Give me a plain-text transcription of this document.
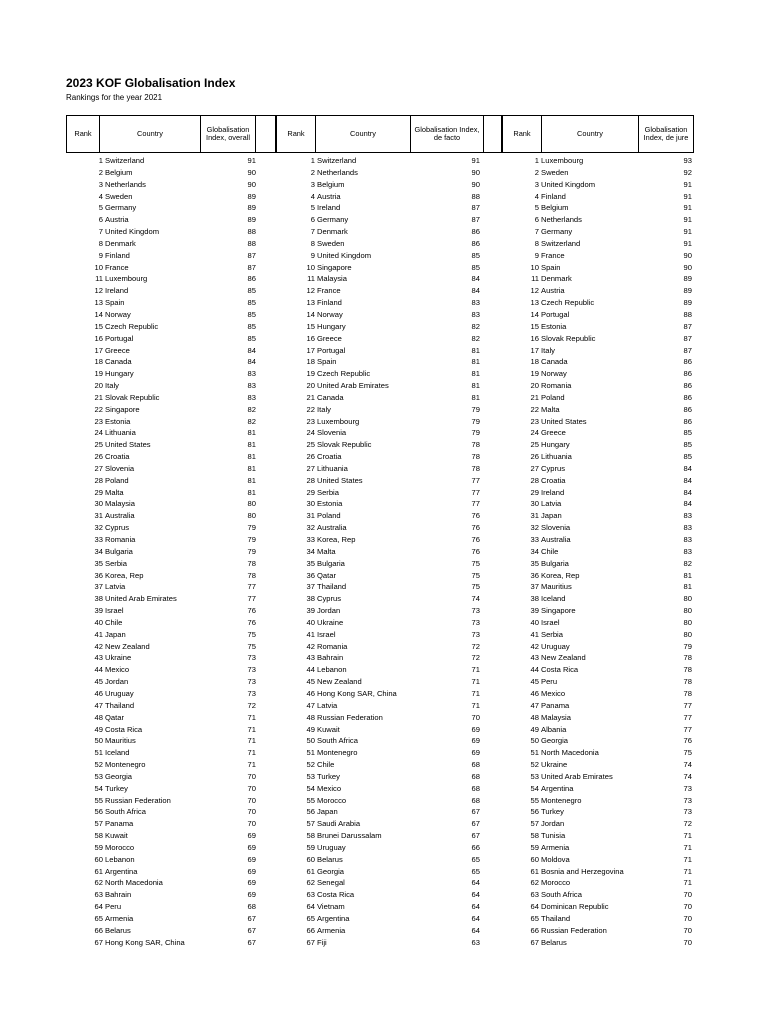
2023 KOF Globalisation Index
Rankings for the year 2021
Rank	Country	Globalisation Index, overall	Rank	Country	Globalisation Index, de facto	Rank	Country	Globalisation Index, de jure
1 Switzerland	91
2 Belgium	90
3 Netherlands	90
4 Sweden	89
5 Germany	89
6 Austria	89
7 United Kingdom	88
8 Denmark	88
9 Finland	87
10 France	87
11 Luxembourg	86
12 Ireland	85
13 Spain	85
14 Norway	85
15 Czech Republic	85
16 Portugal	85
17 Greece	84
18 Canada	84
19 Hungary	83
20 Italy	83
21 Slovak Republic	83
22 Singapore	82
23 Estonia	82
24 Lithuania	81
25 United States	81
26 Croatia	81
27 Slovenia	81
28 Poland	81
29 Malta	81
30 Malaysia	80
31 Australia	80
32 Cyprus	79
33 Romania	79
34 Bulgaria	79
35 Serbia	78
36 Korea, Rep	78
37 Latvia	77
38 United Arab Emirates	77
39 Israel	76
40 Chile	76
41 Japan	75
42 New Zealand	75
43 Ukraine	73
44 Mexico	73
45 Jordan	73
46 Uruguay	73
47 Thailand	72
48 Qatar	71
49 Costa Rica	71
50 Mauritius	71
51 Iceland	71
52 Montenegro	71
53 Georgia	70
54 Turkey	70
55 Russian Federation	70
56 South Africa	70
57 Panama	70
58 Kuwait	69
59 Morocco	69
60 Lebanon	69
61 Argentina	69
62 North Macedonia	69
63 Bahrain	69
64 Peru	68
65 Armenia	67
66 Belarus	67
67 Hong Kong SAR, China	67
1 Switzerland	91
2 Netherlands	90
3 Belgium	90
4 Austria	88
5 Ireland	87
6 Germany	87
7 Denmark	86
8 Sweden	86
9 United Kingdom	85
10 Singapore	85
11 Malaysia	84
12 France	84
13 Finland	83
14 Norway	83
15 Hungary	82
16 Greece	82
17 Portugal	81
18 Spain	81
19 Czech Republic	81
20 United Arab Emirates	81
21 Canada	81
22 Italy	79
23 Luxembourg	79
24 Slovenia	79
25 Slovak Republic	78
26 Croatia	78
27 Lithuania	78
28 United States	77
29 Serbia	77
30 Estonia	77
31 Poland	76
32 Australia	76
33 Korea, Rep	76
34 Malta	76
35 Bulgaria	75
36 Qatar	75
37 Thailand	75
38 Cyprus	74
39 Jordan	73
40 Ukraine	73
41 Israel	73
42 Romania	72
43 Bahrain	72
44 Lebanon	71
45 New Zealand	71
46 Hong Kong SAR, China	71
47 Latvia	71
48 Russian Federation	70
49 Kuwait	69
50 South Africa	69
51 Montenegro	69
52 Chile	68
53 Turkey	68
54 Mexico	68
55 Morocco	68
56 Japan	67
57 Saudi Arabia	67
58 Brunei Darussalam	67
59 Uruguay	66
60 Belarus	65
61 Georgia	65
62 Senegal	64
63 Costa Rica	64
64 Vietnam	64
65 Argentina	64
66 Armenia	64
67 Fiji	63
1 Luxembourg	93
2 Sweden	92
3 United Kingdom	91
4 Finland	91
5 Belgium	91
6 Netherlands	91
7 Germany	91
8 Switzerland	91
9 France	90
10 Spain	90
11 Denmark	89
12 Austria	89
13 Czech Republic	89
14 Portugal	88
15 Estonia	87
16 Slovak Republic	87
17 Italy	87
18 Canada	86
19 Norway	86
20 Romania	86
21 Poland	86
22 Malta	86
23 United States	86
24 Greece	85
25 Hungary	85
26 Lithuania	85
27 Cyprus	84
28 Croatia	84
29 Ireland	84
30 Latvia	84
31 Japan	83
32 Slovenia	83
33 Australia	83
34 Chile	83
35 Bulgaria	82
36 Korea, Rep	81
37 Mauritius	81
38 Iceland	80
39 Singapore	80
40 Israel	80
41 Serbia	80
42 Uruguay	79
43 New Zealand	78
44 Costa Rica	78
45 Peru	78
46 Mexico	78
47 Panama	77
48 Malaysia	77
49 Albania	77
50 Georgia	76
51 North Macedonia	75
52 Ukraine	74
53 United Arab Emirates	74
54 Argentina	73
55 Montenegro	73
56 Turkey	73
57 Jordan	72
58 Tunisia	71
59 Armenia	71
60 Moldova	71
61 Bosnia and Herzegovina	71
62 Morocco	71
63 South Africa	70
64 Dominican Republic	70
65 Thailand	70
66 Russian Federation	70
67 Belarus	70
